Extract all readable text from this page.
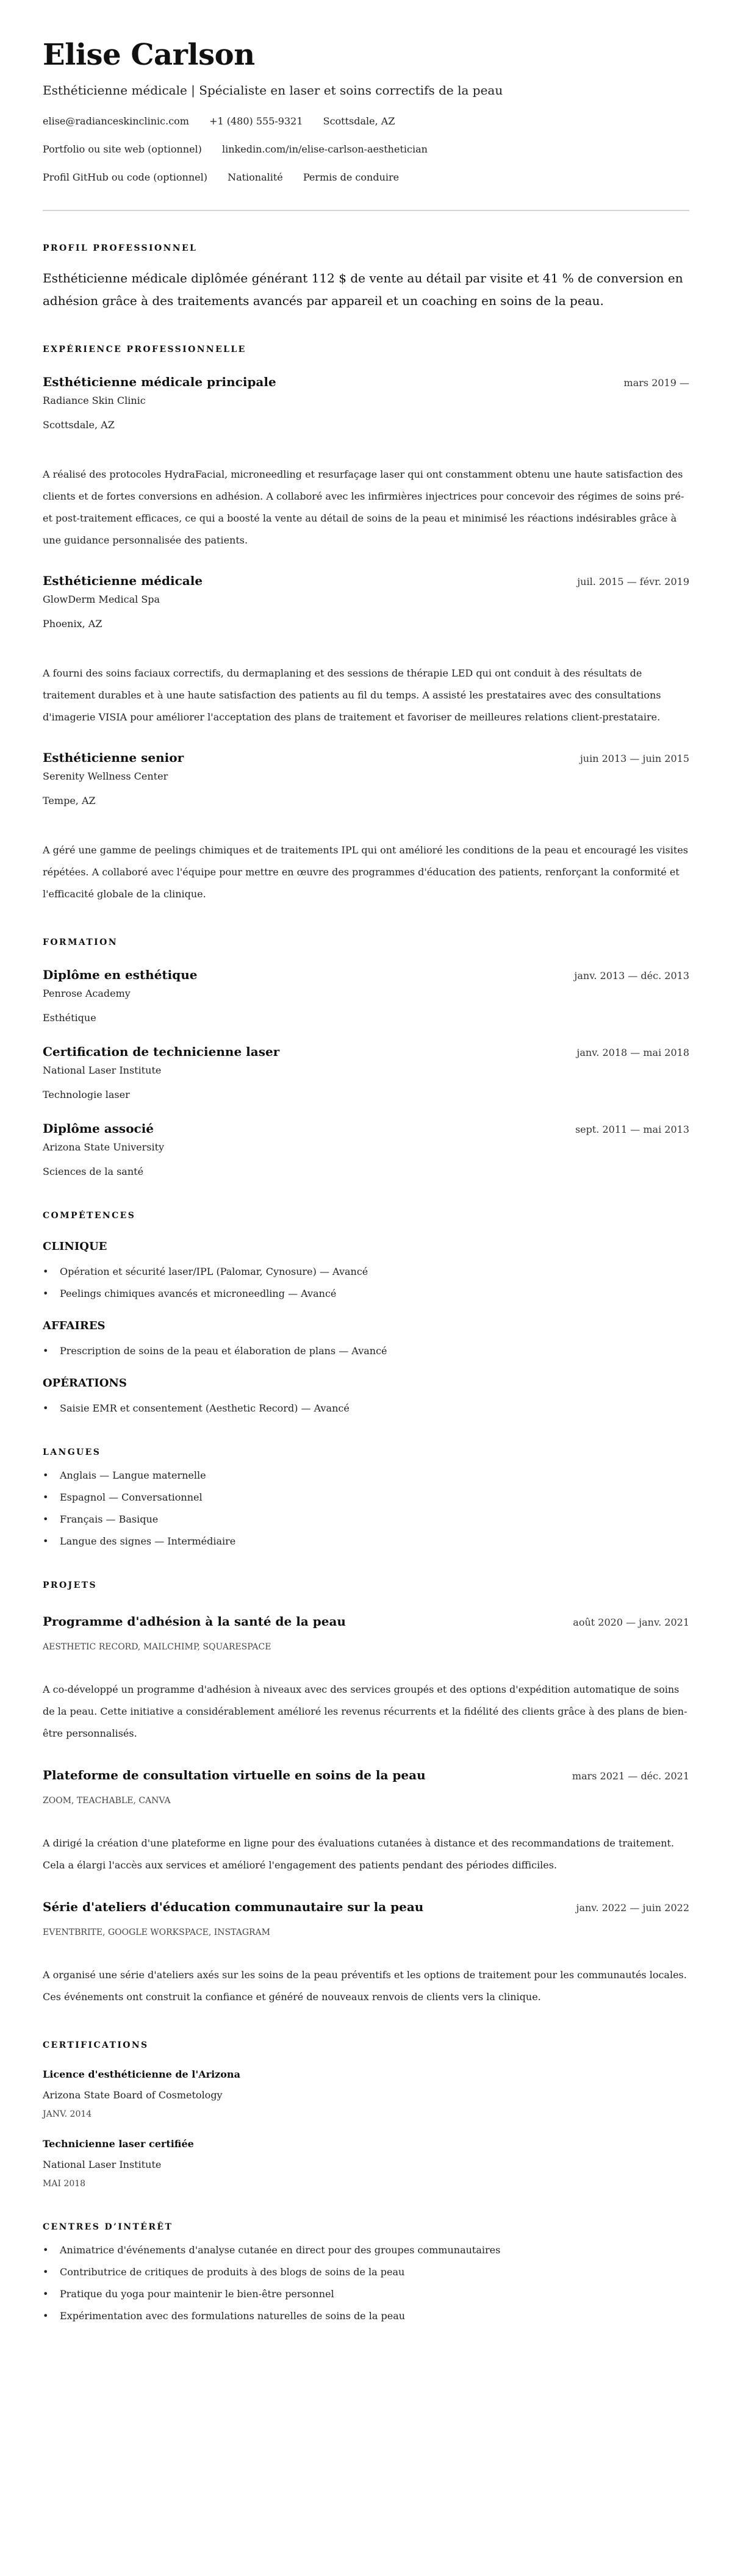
Elise Carlson
Esthéticienne médicale | Spécialiste en laser et soins correctifs de la peau
elise@radianceskinclinic.com +1 (480) 555-9321 Scottsdale, AZ
Portfolio ou site web (optionnel) linkedin.com/in/elise-carlson-aesthetician
Profil GitHub ou code (optionnel) Nationalité Permis de conduire
PROFIL PROFESSIONNEL

Esthéticienne médicale diplômée générant 112 $ de vente au détail par visite et 41 % de conversion en adhésion grâce à des traitements avancés par appareil et un coaching en soins de la peau.

EXPÉRIENCE PROFESSIONNELLE
Esthéticienne médicale principale	mars 2019 —
Radiance Skin Clinic
Scottsdale, AZ

A réalisé des protocoles HydraFacial, microneedling et resurfaçage laser qui ont constamment obtenu une haute satisfaction des clients et de fortes conversions en adhésion. A collaboré avec les infirmières injectrices pour concevoir des régimes de soins pré- et post-traitement efficaces, ce qui a boosté la vente au détail de soins de la peau et minimisé les réactions indésirables grâce à une guidance personnalisée des patients.

Esthéticienne médicale	juil. 2015 — févr. 2019
GlowDerm Medical Spa
Phoenix, AZ

A fourni des soins faciaux correctifs, du dermaplaning et des sessions de thérapie LED qui ont conduit à des résultats de traitement durables et à une haute satisfaction des patients au fil du temps. A assisté les prestataires avec des consultations d'imagerie VISIA pour améliorer l'acceptation des plans de traitement et favoriser de meilleures relations client-prestataire.

Esthéticienne senior	juin 2013 — juin 2015
Serenity Wellness Center
Tempe, AZ

A géré une gamme de peelings chimiques et de traitements IPL qui ont amélioré les conditions de la peau et encouragé les visites répétées. A collaboré avec l'équipe pour mettre en œuvre des programmes d'éducation des patients, renforçant la conformité et l'efficacité globale de la clinique.

FORMATION
Diplôme en esthétique	janv. 2013 — déc. 2013
Penrose Academy
Esthétique
Certification de technicienne laser	janv. 2018 — mai 2018
National Laser Institute
Technologie laser
Diplôme associé	sept. 2011 — mai 2013
Arizona State University
Sciences de la santé
COMPÉTENCES
CLINIQUE
• Opération et sécurité laser/IPL (Palomar, Cynosure) — Avancé
• Peelings chimiques avancés et microneedling — Avancé
AFFAIRES
• Prescription de soins de la peau et élaboration de plans — Avancé
OPÉRATIONS
• Saisie EMR et consentement (Aesthetic Record) — Avancé
LANGUES
• Anglais — Langue maternelle
• Espagnol — Conversationnel
• Français — Basique
• Langue des signes — Intermédiaire
PROJETS
Programme d'adhésion à la santé de la peau	août 2020 — janv. 2021
AESTHETIC RECORD, MAILCHIMP, SQUARESPACE

A co-développé un programme d'adhésion à niveaux avec des services groupés et des options d'expédition automatique de soins de la peau. Cette initiative a considérablement amélioré les revenus récurrents et la fidélité des clients grâce à des plans de bien-être personnalisés.

Plateforme de consultation virtuelle en soins de la peau	mars 2021 — déc. 2021
ZOOM, TEACHABLE, CANVA

A dirigé la création d'une plateforme en ligne pour des évaluations cutanées à distance et des recommandations de traitement. Cela a élargi l'accès aux services et amélioré l'engagement des patients pendant des périodes difficiles.

Série d'ateliers d'éducation communautaire sur la peau	janv. 2022 — juin 2022
EVENTBRITE, GOOGLE WORKSPACE, INSTAGRAM

A organisé une série d'ateliers axés sur les soins de la peau préventifs et les options de traitement pour les communautés locales. Ces événements ont construit la confiance et généré de nouveaux renvois de clients vers la clinique.

CERTIFICATIONS
Licence d'esthéticienne de l'Arizona
Arizona State Board of Cosmetology
JANV. 2014
Technicienne laser certifiée
National Laser Institute
MAI 2018
CENTRES D’INTÉRÊT
• Animatrice d'événements d'analyse cutanée en direct pour des groupes communautaires
• Contributrice de critiques de produits à des blogs de soins de la peau
• Pratique du yoga pour maintenir le bien-être personnel
• Expérimentation avec des formulations naturelles de soins de la peau
